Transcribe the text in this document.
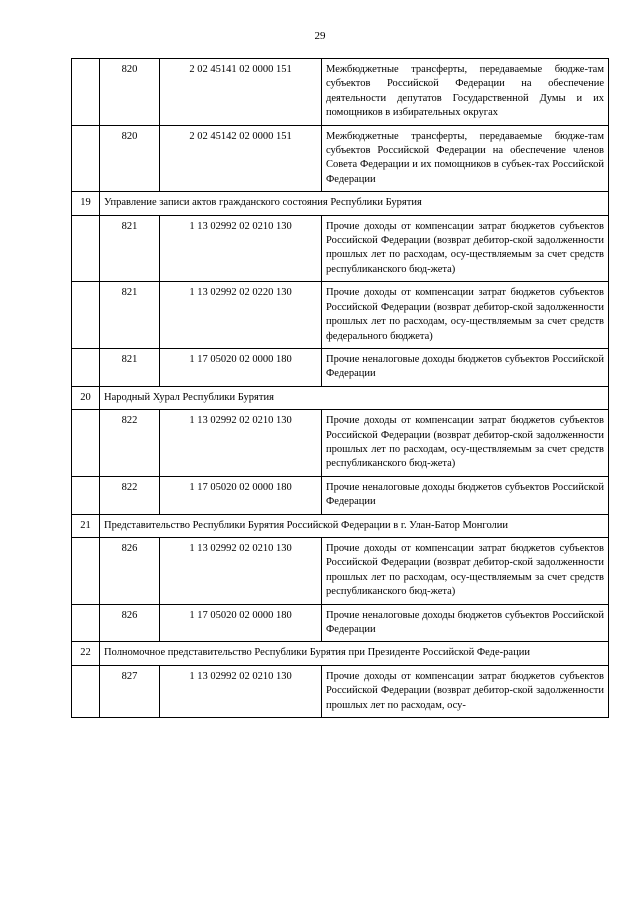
29
	820	2 02 45141 02 0000 151	Межбюджетные трансферты, передаваемые бюдже-там субъектов Российской Федерации на обеспечение деятельности депутатов Государственной Думы и их помощников в избирательных округах
	820	2 02 45142 02 0000 151	Межбюджетные трансферты, передаваемые бюдже-там субъектов Российской Федерации на обеспечение членов Совета Федерации и их помощников в субъек-тах Российской Федерации
19	Управление записи актов гражданского состояния Республики Бурятия		
	821	1 13 02992 02 0210 130	Прочие доходы от компенсации затрат бюджетов субъектов Российской Федерации (возврат дебитор-ской задолженности прошлых лет по расходам, осу-ществляемым за счет средств республиканского бюд-жета)
	821	1 13 02992 02 0220 130	Прочие доходы от компенсации затрат бюджетов субъектов Российской Федерации (возврат дебитор-ской задолженности прошлых лет по расходам, осу-ществляемым за счет средств федерального бюджета)
	821	1 17 05020 02 0000 180	Прочие неналоговые доходы бюджетов субъектов Российской Федерации
20	Народный Хурал Республики Бурятия		
	822	1 13 02992 02 0210 130	Прочие доходы от компенсации затрат бюджетов субъектов Российской Федерации (возврат дебитор-ской задолженности прошлых лет по расходам, осу-ществляемым за счет средств республиканского бюд-жета)
	822	1 17 05020 02 0000 180	Прочие неналоговые доходы бюджетов субъектов Российской Федерации
21	Представительство Республики Бурятия Российской Федерации в г. Улан-Батор Монголии		
	826	1 13 02992 02 0210 130	Прочие доходы от компенсации затрат бюджетов субъектов Российской Федерации (возврат дебитор-ской задолженности прошлых лет по расходам, осу-ществляемым за счет средств республиканского бюд-жета)
	826	1 17 05020 02 0000 180	Прочие неналоговые доходы бюджетов субъектов Российской Федерации
22	Полномочное представительство Республики Бурятия при Президенте Российской Феде-рации		
	827	1 13 02992 02 0210 130	Прочие доходы от компенсации затрат бюджетов субъектов Российской Федерации (возврат дебитор-ской задолженности прошлых лет по расходам, осу-
